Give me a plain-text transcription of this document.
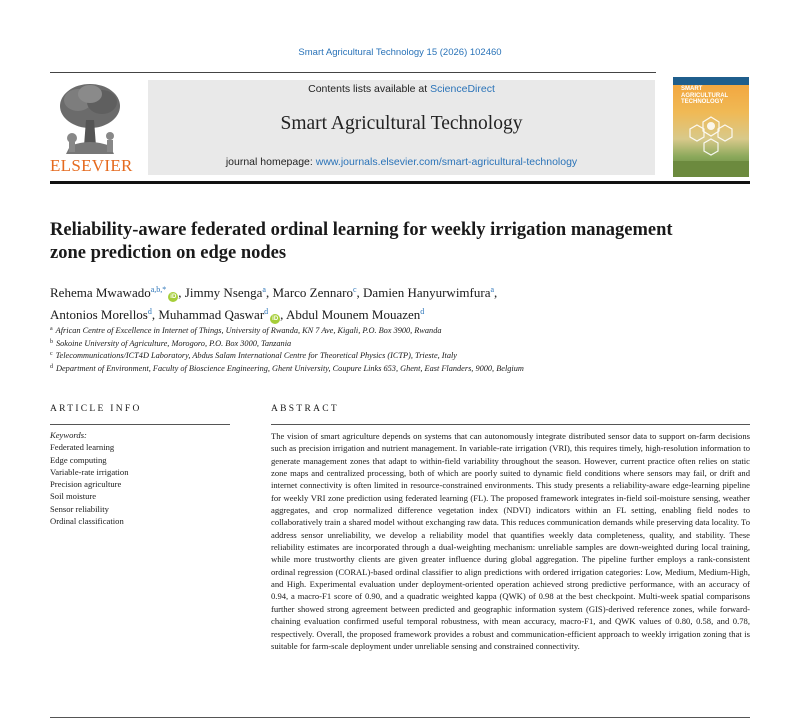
Smart Agricultural Technology 15 (2026) 102460
ELSEVIER
Contents lists available at ScienceDirect
Smart Agricultural Technology
journal homepage: www.journals.elsevier.com/smart-agricultural-technology
SMART AGRICULTURAL TECHNOLOGY
Reliability-aware federated ordinal learning for weekly irrigation management zone prediction on edge nodes
Rehema Mwawado$^{a,b,*}$iD , Jimmy Nsenga$^a$, Marco Zennaro$^c$, Damien Hanyurwimfura$^a$,
Antonios Morellos$^d$, Muhammad Qaswar$^d$iD , Abdul Mounem Mouazen$^d$
$^a$ African Centre of Excellence in Internet of Things, University of Rwanda, KN 7 Ave, Kigali, P.O. Box 3900, Rwanda
$^b$ Sokoine University of Agriculture, Morogoro, P.O. Box 3000, Tanzania
$^c$ Telecommunications/ICT4D Laboratory, Abdus Salam International Centre for Theoretical Physics (ICTP), Trieste, Italy
$^d$ Department of Environment, Faculty of Bioscience Engineering, Ghent University, Coupure Links 653, Ghent, East Flanders, 9000, Belgium
ARTICLE INFO	ABSTRACT
Keywords:
Federated learning
Edge computing
Variable-rate irrigation
Precision agriculture
Soil moisture
Sensor reliability
Ordinal classification
The vision of smart agriculture depends on systems that can autonomously integrate distributed sensor data to support on-farm decisions such as precision irrigation and nutrient management. In variable-rate irrigation (VRI), this requires timely, high-resolution information to generate management zones that adapt to within-field variability throughout the season. However, current practice often relies on static zone maps and centralized processing, both of which are poorly suited to dynamic field conditions where sensors may fail, or drift and internet connectivity is often limited in resource-constrained environments. This study presents a reliability-aware edge-learning pipeline for weekly VRI zone prediction using federated learning (FL). The proposed framework integrates in-field soil-moisture sensing, weather aggregates, and crop normalized difference vegetation index (NDVI) indicators within an FL setting, enabling field nodes to collaboratively train a shared model without exchanging raw data. This reduces communication demands while preserving data locality. To address sensor unreliability, we develop a reliability model that quantifies weekly data completeness, quality, and stability. These reliability estimates are incorporated through a dual-weighting mechanism: unreliable samples are down-weighted during local training, while more trustworthy clients are given greater influence during global aggregation. The pipeline further employs a rank-consistent ordinal regression (CORAL)-based ordinal classifier to align predictions with ordered irrigation categories: Low, Medium, Medium-High, and High. Experimental evaluation under deployment-oriented operation achieved strong predictive performance, with an accuracy of 0.94, a macro-F1 score of 0.90, and a quadratic weighted kappa (QWK) of 0.98 at the best checkpoint. Multi-week spatial comparisons further showed strong agreement between predicted and geographic information system (GIS)-derived reference zones, while forward-chaining evaluation confirmed useful temporal robustness, with mean accuracy, macro-F1, and QWK values of 0.80, 0.58, and 0.78, respectively. Overall, the proposed framework provides a robust and communication-efficient approach to weekly irrigation zoning that is suitable for farm-scale deployment under unreliable sensing and constrained connectivity.
